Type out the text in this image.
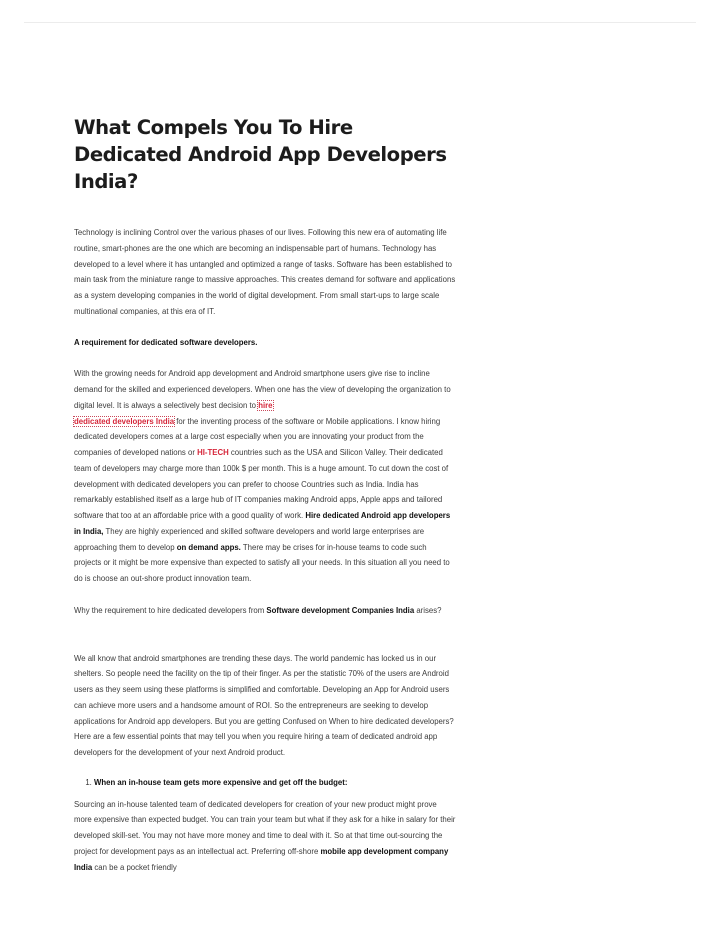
What Compels You To Hire Dedicated Android App Developers India?

Technology is inclining Control over the various phases of our lives. Following this new era of automating life routine, smart-phones are the one which are becoming an indispensable part of humans. Technology has developed to a level where it has untangled and optimized a range of tasks. Software has been established to main task from the miniature range to massive approaches. This creates demand for software and applications as a system developing companies in the world of digital development. From small start-ups to large scale multinational companies, at this era of IT.

A requirement for dedicated software developers.

With the growing needs for Android app development and Android smartphone users give rise to incline demand for the skilled and experienced developers. When one has the view of developing the organization to digital level. It is always a selectively best decision to hire
dedicated developers India for the inventing process of the software or Mobile applications. I know hiring dedicated developers comes at a large cost especially when you are innovating your product from the companies of developed nations or HI-TECH countries such as the USA and Silicon Valley. Their dedicated team of developers may charge more than 100k $ per month. This is a huge amount. To cut down the cost of development with dedicated developers you can prefer to choose Countries such as India. India has remarkably established itself as a large hub of IT companies making Android apps, Apple apps and tailored software that too at an affordable price with a good quality of work. Hire dedicated Android app developers in India, They are highly experienced and skilled software developers and world large enterprises are approaching them to develop on demand apps. There may be crises for in-house teams to code such projects or it might be more expensive than expected to satisfy all your needs. In this situation all you need to do is choose an out-shore product innovation team.

Why the requirement to hire dedicated developers from Software development Companies India arises?

We all know that android smartphones are trending these days. The world pandemic has locked us in our shelters. So people need the facility on the tip of their finger. As per the statistic 70% of the users are Android users as they seem using these platforms is simplified and comfortable. Developing an App for Android users can achieve more users and a handsome amount of ROI. So the entrepreneurs are seeking to develop applications for Android app developers. But you are getting Confused on When to hire dedicated developers? Here are a few essential points that may tell you when you require hiring a team of dedicated android app developers for the development of your next Android product.

1. When an in-house team gets more expensive and get off the budget:

Sourcing an in-house talented team of dedicated developers for creation of your new product might prove more expensive than expected budget. You can train your team but what if they ask for a hike in salary for their developed skill-set. You may not have more money and time to deal with it. So at that time out-sourcing the project for development pays as an intellectual act. Preferring off-shore mobile app development company India can be a pocket friendly
